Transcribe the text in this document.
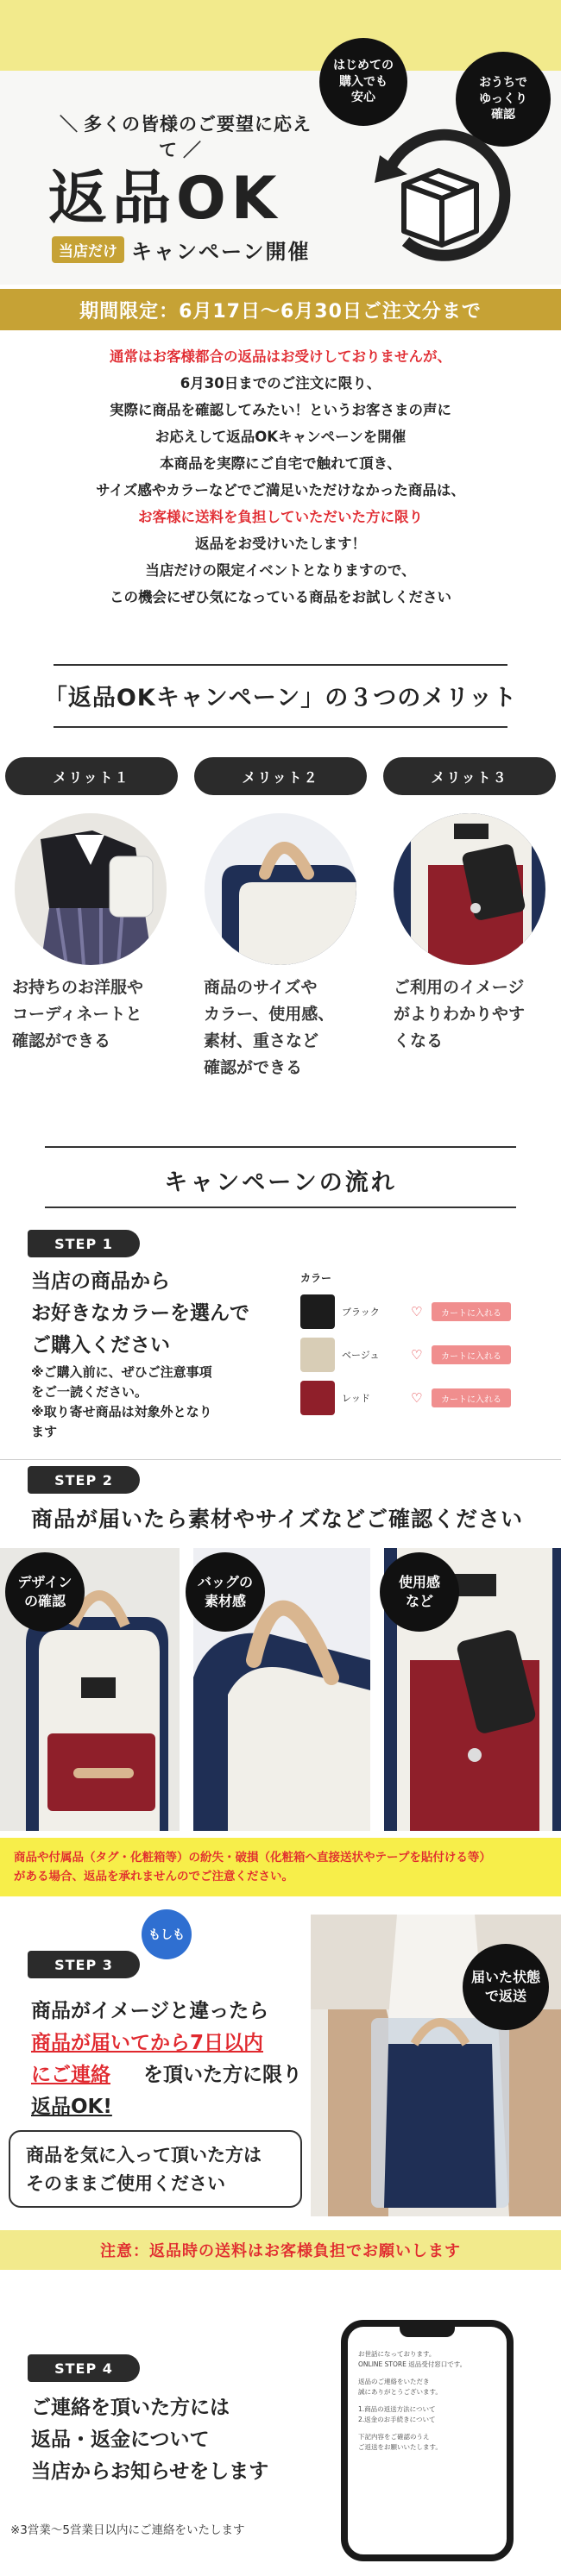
はじめての
購入でも
安心
おうちで
ゆっくり
確認
＼ 多くの皆様のご要望に応えて ／
返品OK
当店だけ キャンペーン開催
期間限定：6月17日〜6月30日ご注文分まで
通常はお客様都合の返品はお受けしておりませんが、
6月30日までのご注文に限り、
実際に商品を確認してみたい！というお客さまの声に
お応えして返品OKキャンペーンを開催
本商品を実際にご自宅で触れて頂き、
サイズ感やカラーなどでご満足いただけなかった商品は、
お客様に送料を負担していただいた方に限り
返品をお受けいたします！
当店だけの限定イベントとなりますので、
この機会にぜひ気になっている商品をお試しください
「返品OKキャンペーン」の３つのメリット
メリット１	メリット２	メリット３
お持ちのお洋服や
コーディネートと
確認ができる
商品のサイズや
カラー、使用感、
素材、重さなど
確認ができる
ご利用のイメージ
がよりわかりやす
くなる
キャンペーンの流れ
STEP 1
当店の商品から
お好きなカラーを選んで
ご購入ください
※ご購入前に、ぜひご注意事項
をご一読ください。
※取り寄せ商品は対象外となり
ます
カラー
ブラック	♡	カートに入れる
ベージュ	♡	カートに入れる
レッド	♡	カートに入れる
STEP 2
商品が届いたら素材やサイズなどご確認ください
デザイン
の確認
バッグの
素材感
使用感
など
商品や付属品（タグ・化粧箱等）の紛失・破損（化粧箱へ直接送状やテープを貼付ける等）
がある場合、返品を承れませんのでご注意ください。
もしも
STEP 3
商品がイメージと違ったら
商品が届いてから7日以内
にご連絡	を頂いた方に限り
返品OK!
商品を気に入って頂いた方は
そのままご使用ください
届いた状態
で返送
注意：返品時の送料はお客様負担でお願いします
STEP 4
ご連絡を頂いた方には
返品・返金について
当店からお知らせをします
※3営業〜5営業日以内にご連絡をいたします
お世話になっております。
ONLINE STORE 返品受付窓口です。
返品のご連絡をいただき
誠にありがとうございます。
1.商品の返送方法について
2.返金のお手続きについて
下記内容をご確認のうえ
ご返送をお願いいたします。
